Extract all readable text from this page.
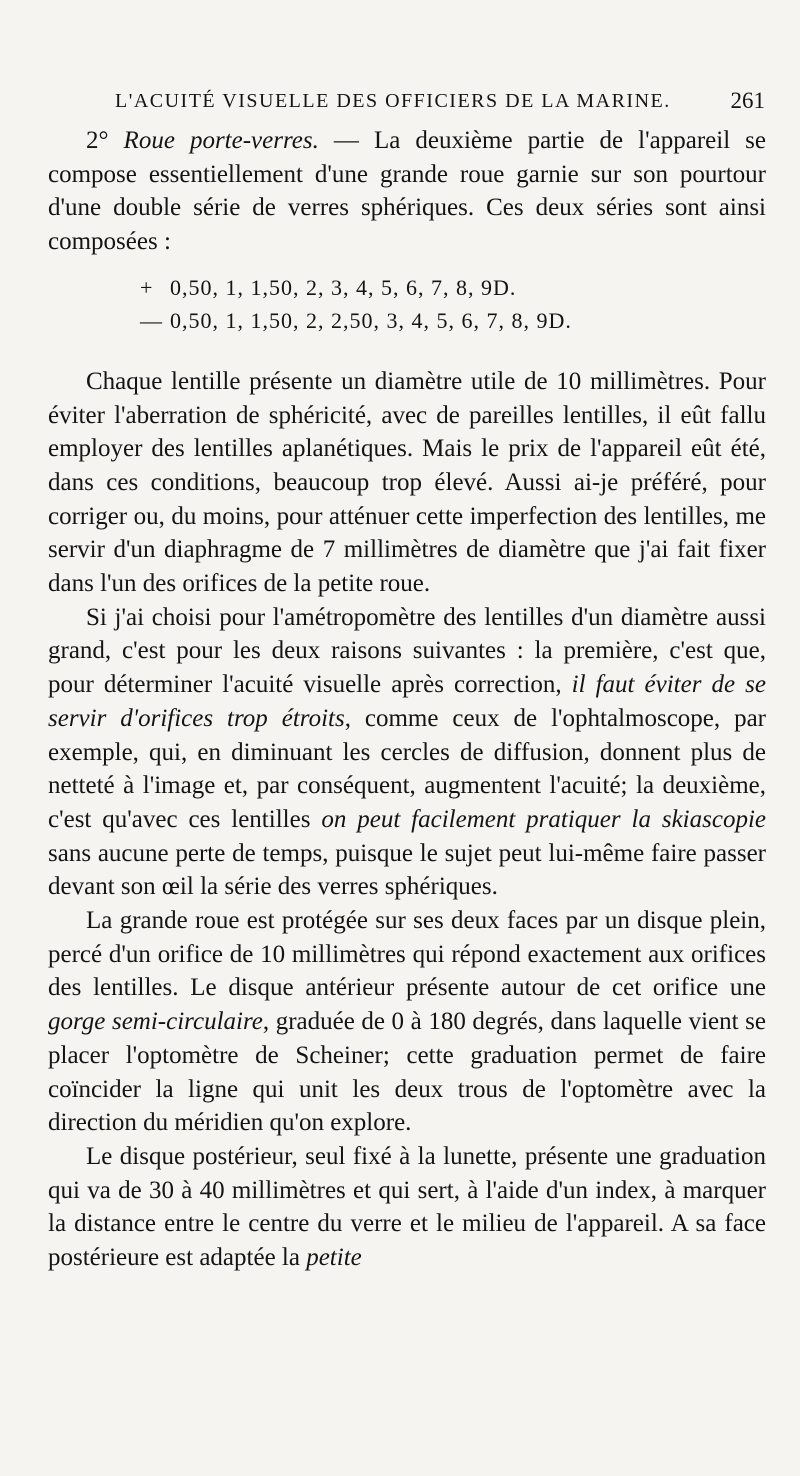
L'ACUITÉ VISUELLE DES OFFICIERS DE LA MARINE.	261

2° Roue porte-verres. — La deuxième partie de l'appareil se compose essentiellement d'une grande roue garnie sur son pourtour d'une double série de verres sphériques. Ces deux séries sont ainsi composées :

+ 0,50, 1, 1,50, 2, 3, 4, 5, 6, 7, 8, 9D.
— 0,50, 1, 1,50, 2, 2,50, 3, 4, 5, 6, 7, 8, 9D.

Chaque lentille présente un diamètre utile de 10 millimètres. Pour éviter l'aberration de sphéricité, avec de pareilles lentilles, il eût fallu employer des lentilles aplanétiques. Mais le prix de l'appareil eût été, dans ces conditions, beaucoup trop élevé. Aussi ai-je préféré, pour corriger ou, du moins, pour atténuer cette imperfection des lentilles, me servir d'un diaphragme de 7 millimètres de diamètre que j'ai fait fixer dans l'un des orifices de la petite roue.

Si j'ai choisi pour l'amétropomètre des lentilles d'un diamètre aussi grand, c'est pour les deux raisons suivantes : la première, c'est que, pour déterminer l'acuité visuelle après correction, il faut éviter de se servir d'orifices trop étroits, comme ceux de l'ophtalmoscope, par exemple, qui, en diminuant les cercles de diffusion, donnent plus de netteté à l'image et, par conséquent, augmentent l'acuité; la deuxième, c'est qu'avec ces lentilles on peut facilement pratiquer la skiascopie sans aucune perte de temps, puisque le sujet peut lui-même faire passer devant son œil la série des verres sphériques.

La grande roue est protégée sur ses deux faces par un disque plein, percé d'un orifice de 10 millimètres qui répond exactement aux orifices des lentilles. Le disque antérieur présente autour de cet orifice une gorge semi-circulaire, graduée de 0 à 180 degrés, dans laquelle vient se placer l'optomètre de Scheiner; cette graduation permet de faire coïncider la ligne qui unit les deux trous de l'optomètre avec la direction du méridien qu'on explore.

Le disque postérieur, seul fixé à la lunette, présente une graduation qui va de 30 à 40 millimètres et qui sert, à l'aide d'un index, à marquer la distance entre le centre du verre et le milieu de l'appareil. A sa face postérieure est adaptée la petite
